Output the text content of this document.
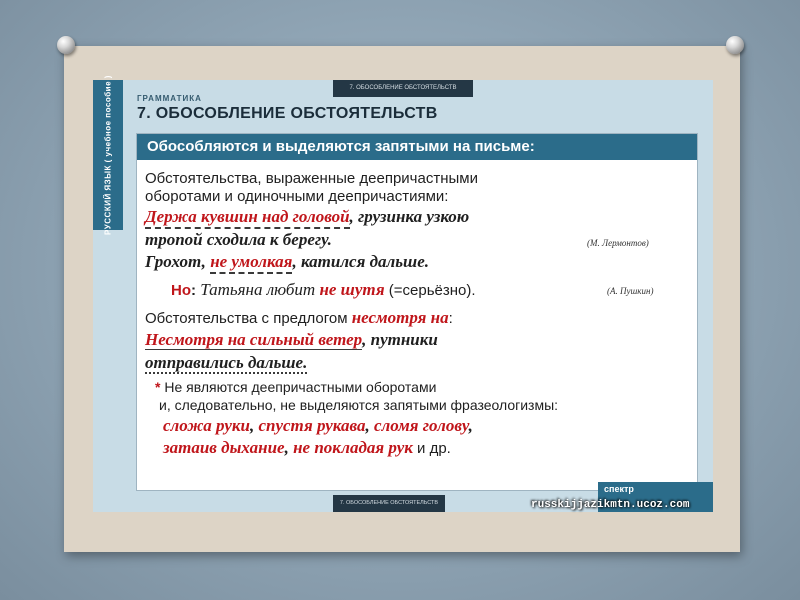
РУССКИЙ ЯЗЫК ( учебное пособие )	7. ОБОСОБЛЕНИЕ ОБСТОЯТЕЛЬСТВ
ГРАММАТИКА
7. ОБОСОБЛЕНИЕ ОБСТОЯТЕЛЬСТВ
Обособляются и выделяются запятыми на письме:
Обстоятельства, выраженные деепричастными
оборотами и одиночными деепричастиями:
Держа кувшин над головой, грузинка узкою
тропой сходила к берегу.	(М. Лермонтов)
Грохот, не умолкая, катился дальше.
Но: Татьяна любит не шутя (=серьёзно).	(А. Пушкин)
Обстоятельства с предлогом несмотря на:
Несмотря на сильный ветер, путники
отправились дальше.
* Не являются деепричастными оборотами
и, следовательно, не выделяются запятыми фразеологизмы:
сложа руки, спустя рукава, сломя голову,
затаив дыхание, не покладая рук и др.
7. ОБОСОБЛЕНИЕ ОБСТОЯТЕЛЬСТВ
спектр
russkijjazikmtn.ucoz.com
